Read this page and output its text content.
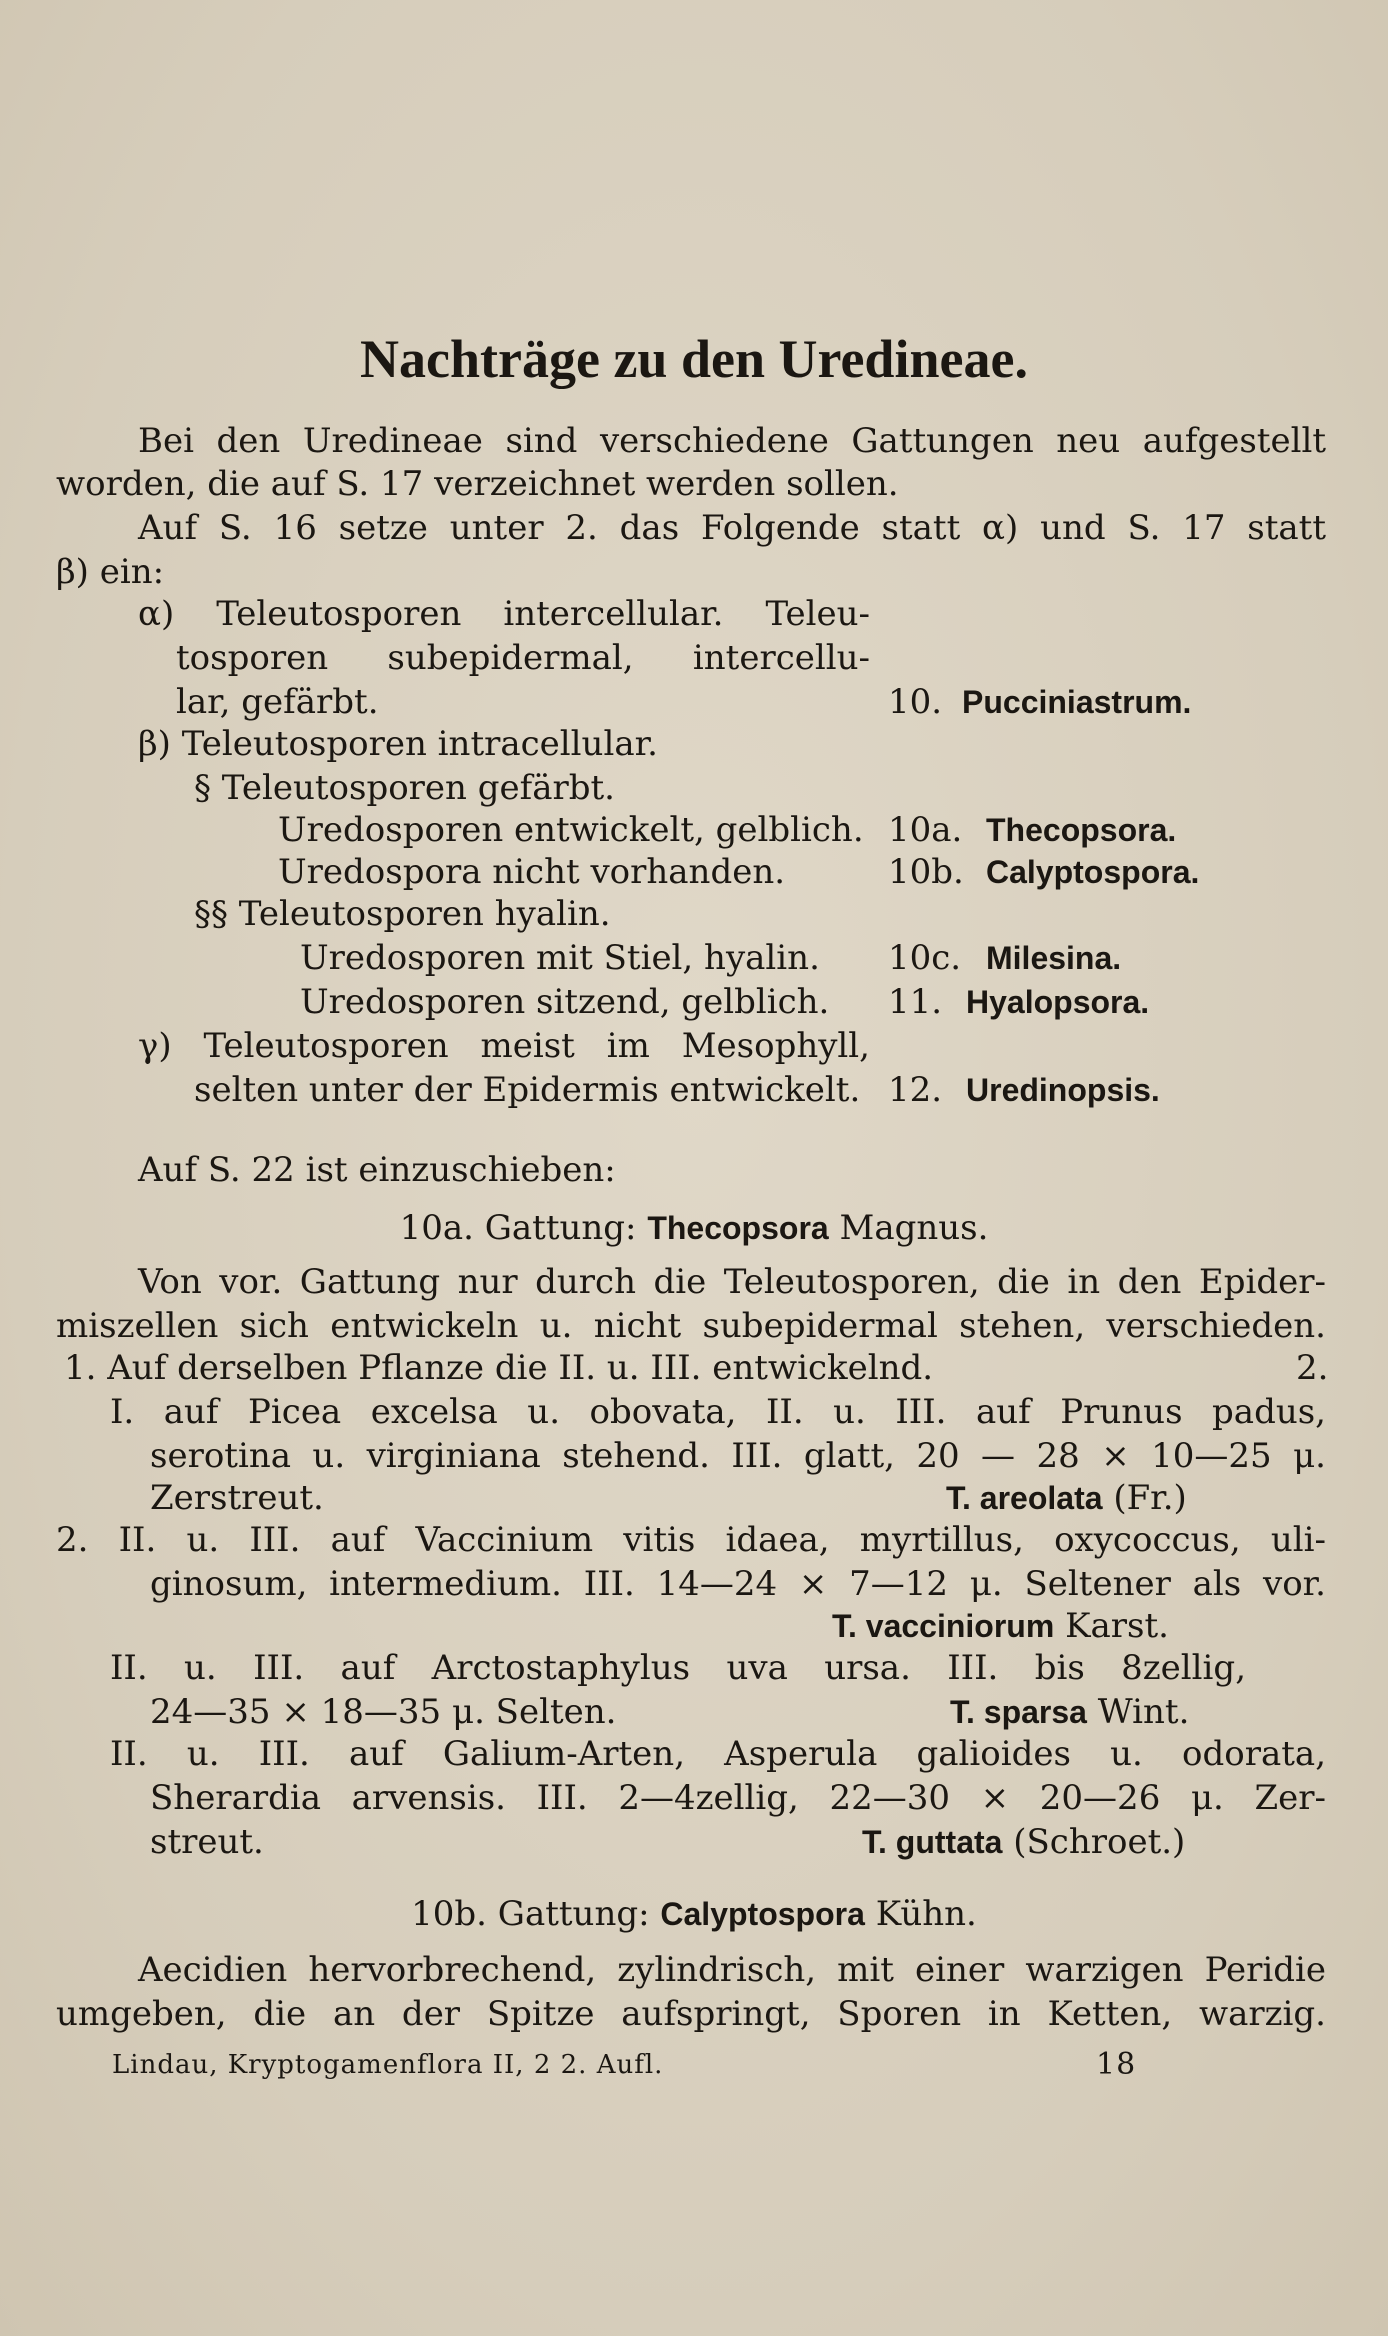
Nachträge zu den Uredineae.
Bei den Uredineae sind verschiedene Gattungen neu aufgestellt
worden, die auf S. 17 verzeichnet werden sollen.
Auf S. 16 setze unter 2. das Folgende statt α) und S. 17 statt
β) ein:
α) Teleutosporen intercellular. Teleu-
tosporen subepidermal, intercellu-
lar, gefärbt.	10. Pucciniastrum.
β) Teleutosporen intracellular.
§ Teleutosporen gefärbt.
Uredosporen entwickelt, gelblich. 10a. Thecopsora.
Uredospora nicht vorhanden.	10b. Calyptospora.
§§ Teleutosporen hyalin.
Uredosporen mit Stiel, hyalin. 10c. Milesina.
Uredosporen sitzend, gelblich. 11. Hyalopsora.
γ) Teleutosporen meist im Mesophyll,
selten unter der Epidermis entwickelt. 12. Uredinopsis.
Auf S. 22 ist einzuschieben:
10a. Gattung: Thecopsora Magnus.
Von vor. Gattung nur durch die Teleutosporen, die in den Epider-
miszellen sich entwickeln u. nicht subepidermal stehen, verschieden.
1. Auf derselben Pflanze die II. u. III. entwickelnd.	2.
I. auf Picea excelsa u. obovata, II. u. III. auf Prunus padus,
serotina u. virginiana stehend. III. glatt, 20 — 28 × 10—25 μ.
Zerstreut.	T. areolata (Fr.)
2. II. u. III. auf Vaccinium vitis idaea, myrtillus, oxycoccus, uli-
ginosum, intermedium. III. 14—24 × 7—12 μ. Seltener als vor.
T. vacciniorum Karst.
II. u. III. auf Arctostaphylus uva ursa. III. bis 8zellig,
24—35 × 18—35 μ. Selten.	T. sparsa Wint.
II. u. III. auf Galium-Arten, Asperula galioides u. odorata,
Sherardia arvensis. III. 2—4zellig, 22—30 × 20—26 μ. Zer-
streut.	T. guttata (Schroet.)
10b. Gattung: Calyptospora Kühn.
Aecidien hervorbrechend, zylindrisch, mit einer warzigen Peridie
umgeben, die an der Spitze aufspringt, Sporen in Ketten, warzig.
Lindau, Kryptogamenflora II, 2 2. Aufl.	18
